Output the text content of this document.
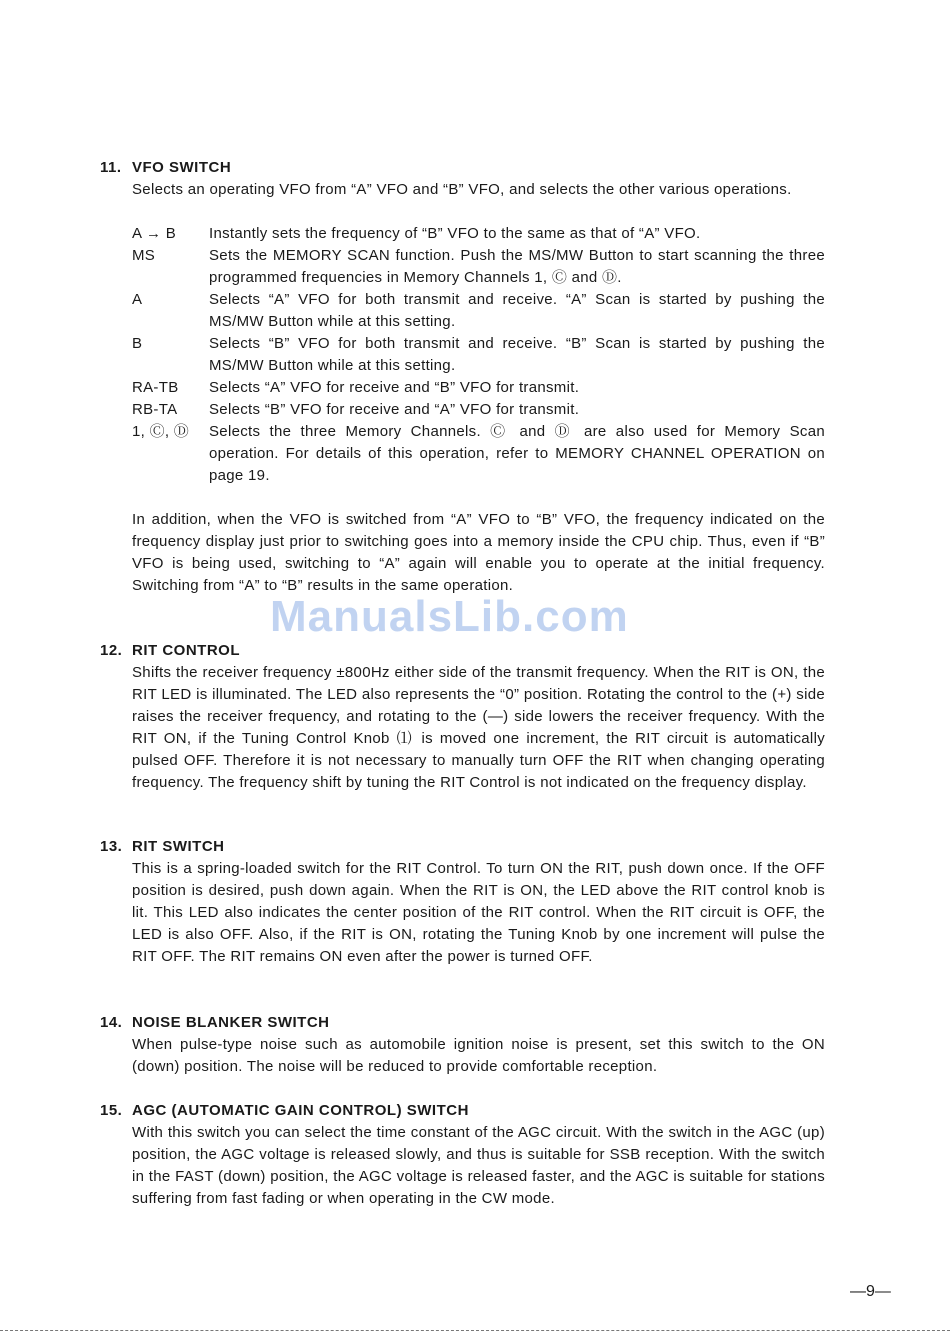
11. VFO SWITCH
Selects an operating VFO from “A” VFO and “B” VFO, and selects the other various operations.
A → B	Instantly sets the frequency of “B” VFO to the same as that of “A” VFO.
MS	Sets the MEMORY SCAN function. Push the MS/MW Button to start scanning the three programmed frequencies in Memory Channels 1, Ⓒ and Ⓓ.
A	Selects “A” VFO for both transmit and receive. “A” Scan is started by pushing the MS/MW Button while at this setting.
B	Selects “B” VFO for both transmit and receive. “B” Scan is started by pushing the MS/MW Button while at this setting.
RA-TB	Selects “A” VFO for receive and “B” VFO for transmit.
RB-TA	Selects “B” VFO for receive and “A” VFO for transmit.
1, Ⓒ, Ⓓ	Selects the three Memory Channels. Ⓒ and Ⓓ are also used for Memory Scan operation. For details of this operation, refer to MEMORY CHANNEL OPERATION on page 19.
In addition, when the VFO is switched from “A” VFO to “B” VFO, the frequency indicated on the frequency display just prior to switching goes into a memory inside the CPU chip. Thus, even if “B” VFO is being used, switching to “A” again will enable you to operate at the initial frequency. Switching from “A” to “B” results in the same operation.
12. RIT CONTROL
Shifts the receiver frequency ±800Hz either side of the transmit frequency. When the RIT is ON, the RIT LED is illuminated. The LED also represents the “0” position. Rotating the control to the (+) side raises the receiver frequency, and rotating to the (—) side lowers the receiver frequency. With the RIT ON, if the Tuning Control Knob ⑴ is moved one increment, the RIT circuit is automatically pulsed OFF. Therefore it is not necessary to manually turn OFF the RIT when changing operating frequency. The frequency shift by tuning the RIT Control is not indicated on the frequency display.
13. RIT SWITCH
This is a spring-loaded switch for the RIT Control. To turn ON the RIT, push down once. If the OFF position is desired, push down again. When the RIT is ON, the LED above the RIT control knob is lit. This LED also indicates the center position of the RIT control. When the RIT circuit is OFF, the LED is also OFF. Also, if the RIT is ON, rotating the Tuning Knob by one increment will pulse the RIT OFF. The RIT remains ON even after the power is turned OFF.
14. NOISE BLANKER SWITCH
When pulse-type noise such as automobile ignition noise is present, set this switch to the ON (down) position. The noise will be reduced to provide comfortable reception.
15. AGC (AUTOMATIC GAIN CONTROL) SWITCH
With this switch you can select the time constant of the AGC circuit. With the switch in the AGC (up) position, the AGC voltage is released slowly, and thus is suitable for SSB reception. With the switch in the FAST (down) position, the AGC voltage is released faster, and the AGC is suitable for stations suffering from fast fading or when operating in the CW mode.
ManualsLib.com
—9—
